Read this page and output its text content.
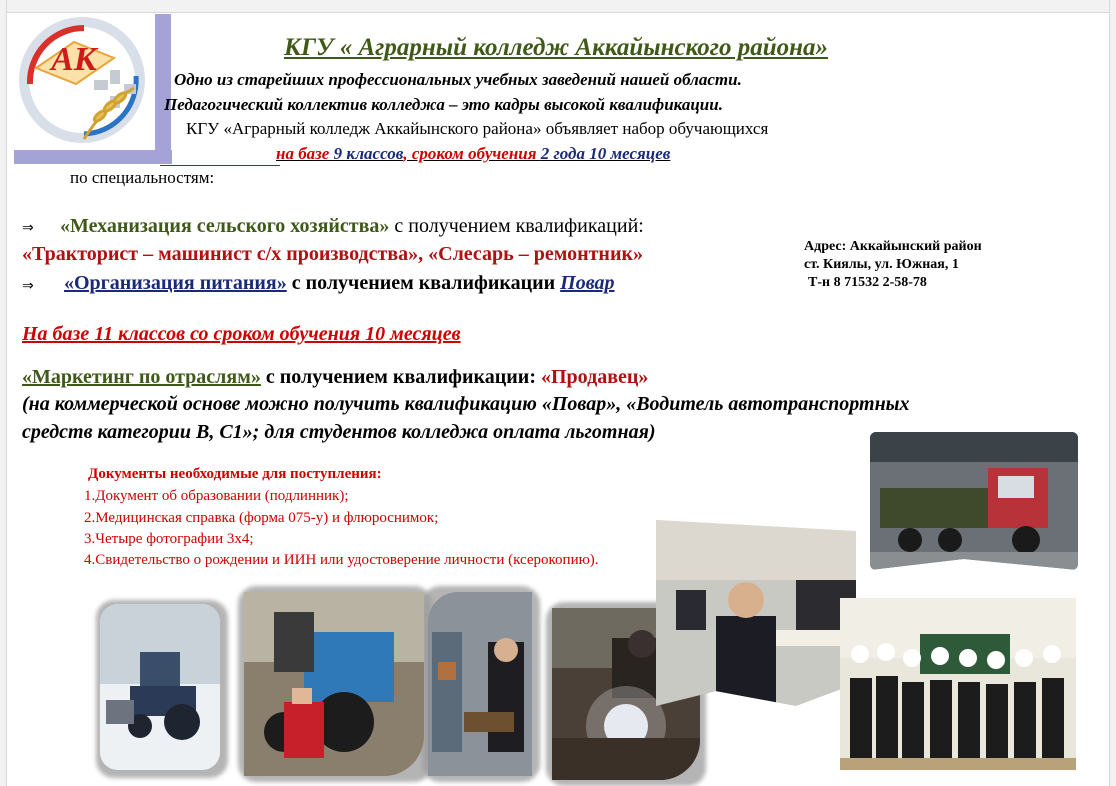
АК	КГУ « Аграрный колледж Аккайынского района»
Одно из старейших профессиональных учебных заведений нашей области.
Педагогический коллектив колледжа – это кадры высокой квалификации.
КГУ «Аграрный колледж Аккайынского района» объявляет набор обучающихся
на базе 9 классов, сроком обучения 2 года 10 месяцев
по специальностям:
⇒ «Механизация сельского хозяйства» с получением квалификаций:
«Тракторист – машинист с/х производства», «Слесарь – ремонтник»
⇒ «Организация питания» с получением квалификации Повар
Адрес: Аккайынский район
ст. Киялы, ул. Южная, 1
Т-н 8 71532 2-58-78
На базе 11 классов со сроком обучения 10 месяцев
«Маркетинг по отраслям» с получением квалификации: «Продавец»
(на коммерческой основе можно получить квалификацию «Повар», «Водитель автотранспортных
средств категории В, С1»; для студентов колледжа оплата льготная)
Документы необходимые для поступления:
1.Документ об образовании (подлинник);
2.Медицинская справка (форма 075-у) и флюроснимок;
3.Четыре фотографии 3х4;
4.Свидетельство о рождении и ИИН или удостоверение личности (ксерокопию).
